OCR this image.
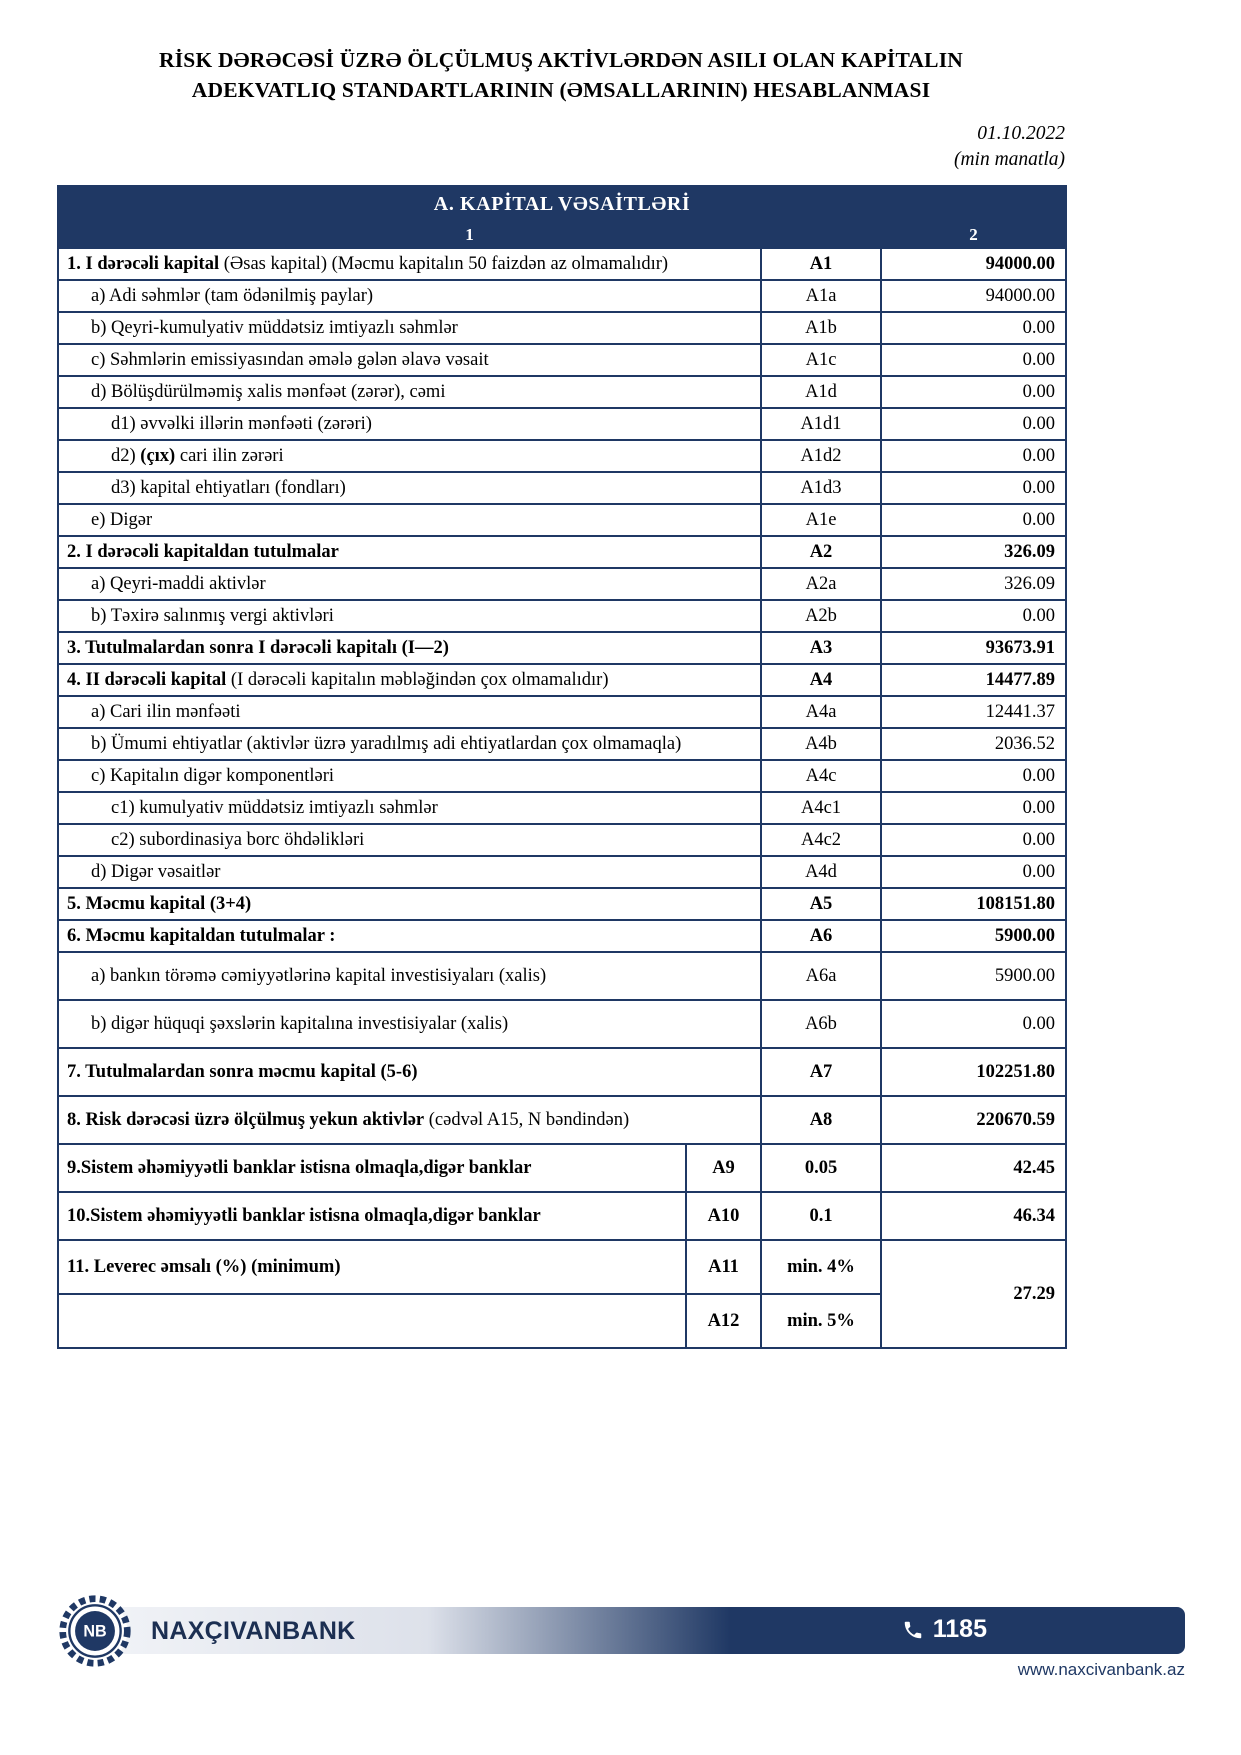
RİSK DƏRƏCƏSİ ÜZRƏ ÖLÇÜLMUŞ AKTİVLƏRDƏN ASILI OLAN KAPİTALIN
ADEKVATLIQ STANDARTLARININ (ƏMSALLARININ) HESABLANMASI
01.10.2022
(min manatla)
A. KAPİTAL VƏSAİTLƏRİ			
1			2
1. I dərəcəli kapital (Əsas kapital) (Məcmu kapitalın 50 faizdən az olmamalıdır)		A1	94000.00
a) Adi səhmlər (tam ödənilmiş paylar)		A1a	94000.00
b) Qeyri-kumulyativ müddətsiz imtiyazlı səhmlər		A1b	0.00
c) Səhmlərin emissiyasından əmələ gələn əlavə vəsait		A1c	0.00
d) Bölüşdürülməmiş xalis mənfəət (zərər), cəmi		A1d	0.00
d1) əvvəlki illərin mənfəəti (zərəri)		A1d1	0.00
d2) (çıx) cari ilin zərəri		A1d2	0.00
d3) kapital ehtiyatları (fondları)		A1d3	0.00
e) Digər		A1e	0.00
2. I dərəcəli kapitaldan tutulmalar		A2	326.09
a) Qeyri-maddi aktivlər		A2a	326.09
b) Təxirə salınmış vergi aktivləri		A2b	0.00
3. Tutulmalardan sonra I dərəcəli kapitalı (I—2)		A3	93673.91
4. II dərəcəli kapital (I dərəcəli kapitalın məbləğindən çox olmamalıdır)		A4	14477.89
a) Cari ilin mənfəəti		A4a	12441.37
b) Ümumi ehtiyatlar (aktivlər üzrə yaradılmış adi ehtiyatlardan çox olmamaqla)		A4b	2036.52
c) Kapitalın digər komponentləri		A4c	0.00
c1) kumulyativ müddətsiz imtiyazlı səhmlər		A4c1	0.00
c2) subordinasiya borc öhdəlikləri		A4c2	0.00
d) Digər vəsaitlər		A4d	0.00
5. Məcmu kapital (3+4)		A5	108151.80
6. Məcmu kapitaldan tutulmalar :		A6	5900.00
a) bankın törəmə cəmiyyətlərinə kapital investisiyaları (xalis)		A6a	5900.00
b) digər hüquqi şəxslərin kapitalına investisiyalar (xalis)		A6b	0.00
7. Tutulmalardan sonra məcmu kapital (5-6)		A7	102251.80
8. Risk dərəcəsi üzrə ölçülmuş yekun aktivlər (cədvəl A15, N bəndindən)		A8	220670.59
9.Sistem əhəmiyyətli banklar istisna olmaqla,digər banklar	A9	0.05	42.45
10.Sistem əhəmiyyətli banklar istisna olmaqla,digər banklar	A10	0.1	46.34
11. Leverec əmsalı (%) (minimum)	A11	min. 4%	27.29
	A12	min. 5%	
NB NAXÇIVANBANK	1185
www.naxcivanbank.az
